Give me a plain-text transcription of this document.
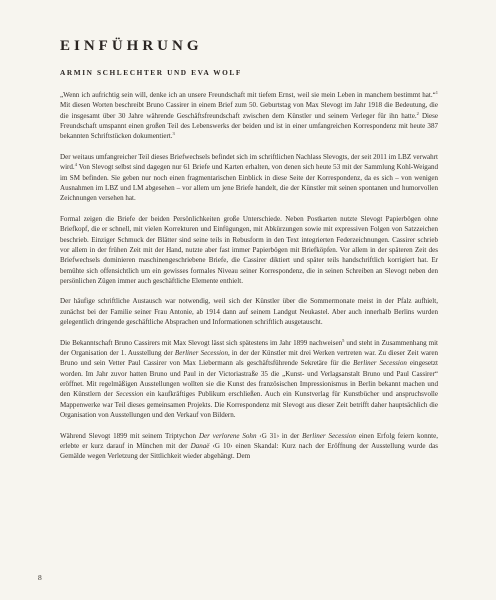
EINFÜHRUNG
ARMIN SCHLECHTER UND EVA WOLF

„Wenn ich aufrichtig sein will, denke ich an unsere Freundschaft mit tiefem Ernst, weil sie mein Leben in manchem bestimmt hat.“$^1$ Mit diesen Worten beschreibt Bruno Cassirer in einem Brief zum 50. Geburtstag von Max Slevogt im Jahr 1918 die Bedeutung, die die insgesamt über 30 Jahre währende Geschäftsfreundschaft zwischen dem Künstler und seinem Verleger für ihn hatte.$^2$ Diese Freundschaft umspannt einen großen Teil des Lebenswerks der beiden und ist in einer umfangreichen Korrespondenz mit heute 387 bekannten Schriftstücken dokumentiert.$^3$

Der weitaus umfangreicher Teil dieses Briefwechsels befindet sich im schriftlichen Nachlass Slevogts, der seit 2011 im LBZ verwahrt wird.$^4$ Von Slevogt selbst sind dagegen nur 61 Briefe und Karten erhalten, von denen sich heute 53 mit der Sammlung Kohl-Weigand im SM befinden. Sie geben nur noch einen fragmentarischen Einblick in diese Seite der Korrespondenz, da es sich – von wenigen Ausnahmen im LBZ und LM abgesehen – vor allem um jene Briefe handelt, die der Künstler mit seinen spontanen und humorvollen Zeichnungen versehen hat.

Formal zeigen die Briefe der beiden Persönlichkeiten große Unterschiede. Neben Postkarten nutzte Slevogt Papierbögen ohne Briefkopf, die er schnell, mit vielen Korrekturen und Einfügungen, mit Abkürzungen sowie mit expressiven Folgen von Satzzeichen beschrieb. Einziger Schmuck der Blätter sind seine teils in Rebusform in den Text integrierten Federzeichnungen. Cassirer schrieb vor allem in der frühen Zeit mit der Hand, nutzte aber fast immer Papierbögen mit Briefköpfen. Vor allem in der späteren Zeit des Briefwechsels dominieren maschinengeschriebene Briefe, die Cassirer diktiert und später teils handschriftlich korrigiert hat. Er bemühte sich offensichtlich um ein gewisses formales Niveau seiner Korrespondenz, die in seinen Schreiben an Slevogt neben den persönlichen Zügen immer auch geschäftliche Elemente enthielt.

Der häufige schriftliche Austausch war notwendig, weil sich der Künstler über die Sommermonate meist in der Pfalz aufhielt, zunächst bei der Familie seiner Frau Antonie, ab 1914 dann auf seinem Landgut Neukastel. Aber auch innerhalb Berlins wurden gelegentlich dringende geschäftliche Absprachen und Informationen schriftlich ausgetauscht.

Die Bekanntschaft Bruno Cassirers mit Max Slevogt lässt sich spätestens im Jahr 1899 nachweisen$^5$ und steht in Zusammenhang mit der Organisation der 1. Ausstellung der Berliner Secession, in der der Künstler mit drei Werken vertreten war. Zu dieser Zeit waren Bruno und sein Vetter Paul Cassirer von Max Liebermann als geschäftsführende Sekretäre für die Berliner Secession eingesetzt worden. Im Jahr zuvor hatten Bruno und Paul in der Victoriastraße 35 die „Kunst- und Verlagsanstalt Bruno und Paul Cassirer“ eröffnet. Mit regelmäßigen Ausstellungen wollten sie die Kunst des französischen Impressionismus in Berlin bekannt machen und den Künstlern der Secession ein kaufkräftiges Publikum erschließen. Auch ein Kunstverlag für Kunstbücher und anspruchsvolle Mappenwerke war Teil dieses gemeinsamen Projekts. Die Korrespondenz mit Slevogt aus dieser Zeit betrifft daher hauptsächlich die Organisation von Ausstellungen und den Verkauf von Bildern.

Während Slevogt 1899 mit seinem Triptychon Der verlorene Sohn ‹G 31› in der Berliner Secession einen Erfolg feiern konnte, erlebte er kurz darauf in München mit der Danaë ‹G 10› einen Skandal: Kurz nach der Eröffnung der Ausstellung wurde das Gemälde wegen Verletzung der Sittlichkeit wieder abgehängt. Dem

8
